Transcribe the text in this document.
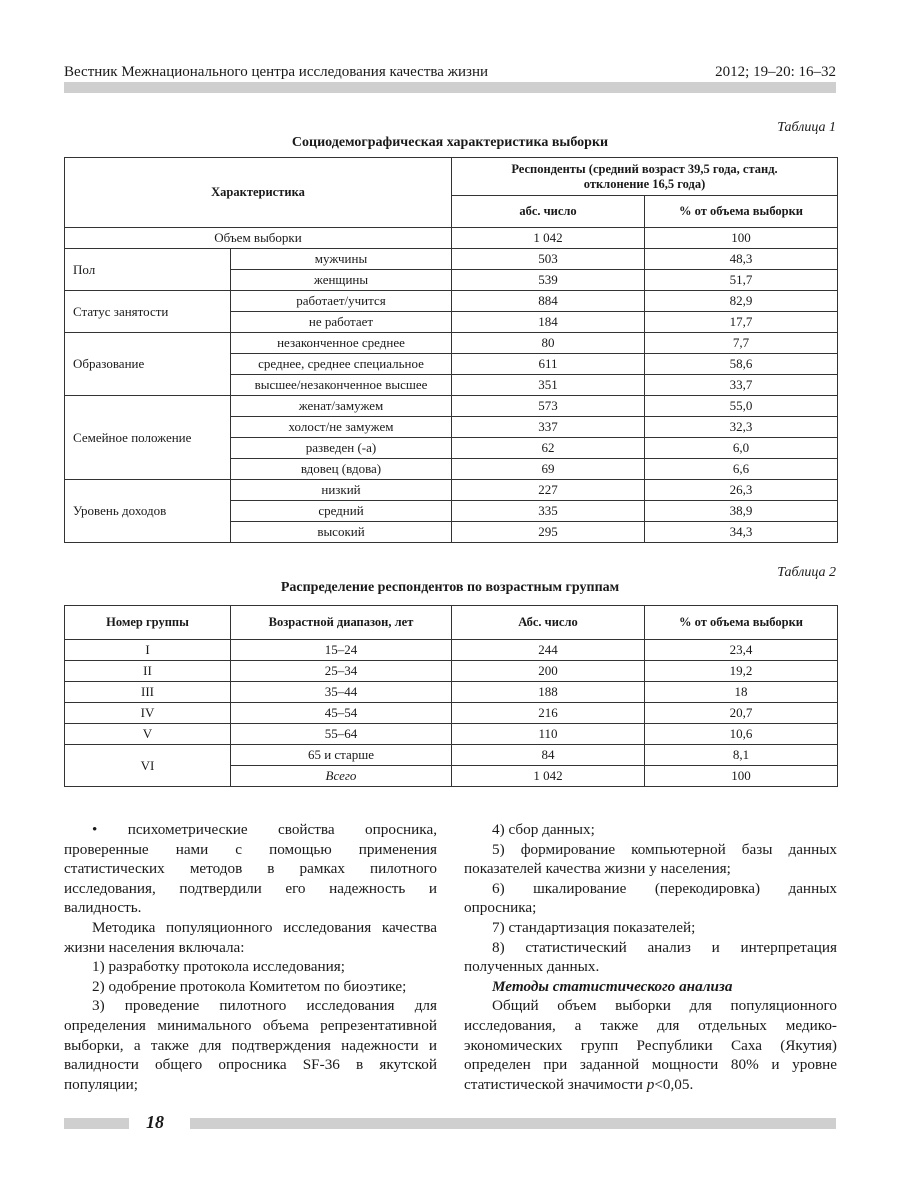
Вестник Межнационального центра исследования качества жизни	2012; 19–20: 16–32
Таблица 1
Социодемографическая характеристика выборки
Характеристика		Респонденты (средний возраст 39,5 года, станд. отклонение 16,5 года)	
		абс. число	% от объема выборки
Объем выборки		1 042	100
Пол	мужчины	503	48,3
	женщины	539	51,7
Статус занятости	работает/учится	884	82,9
	не работает	184	17,7
Образование	незаконченное среднее	80	7,7
	среднее, среднее специальное	611	58,6
	высшее/незаконченное высшее	351	33,7
Семейное положение	женат/замужем	573	55,0
	холост/не замужем	337	32,3
	разведен (-а)	62	6,0
	вдовец (вдова)	69	6,6
Уровень доходов	низкий	227	26,3
	средний	335	38,9
	высокий	295	34,3
Таблица 2
Распределение респондентов по возрастным группам
Номер группы	Возрастной диапазон, лет	Абс. число	% от объема выборки
I	15–24	244	23,4
II	25–34	200	19,2
III	35–44	188	18
IV	45–54	216	20,7
V	55–64	110	10,6
VI	65 и старше	84	8,1
	Всего	1 042	100

• психометрические свойства опросника, проверенные нами с помощью применения статистических методов в рамках пилотного исследования, подтвердили его надежность и валидность.

Методика популяционного исследования качества жизни населения включала:

1) разработку протокола исследования;

2) одобрение протокола Комитетом по биоэтике;

3) проведение пилотного исследования для определения минимального объема репрезентативной выборки, а также для подтверждения надежности и валидности общего опросника SF-36 в якутской популяции;

4) сбор данных;

5) формирование компьютерной базы данных показателей качества жизни у населения;

6) шкалирование (перекодировка) данных опросника;

7) стандартизация показателей;

8) статистический анализ и интерпретация полученных данных.

Методы статистического анализа

Общий объем выборки для популяционного исследования, а также для отдельных медико-экономических групп Республики Саха (Якутия) определен при заданной мощности 80% и уровне статистической значимости p<0,05.

18
